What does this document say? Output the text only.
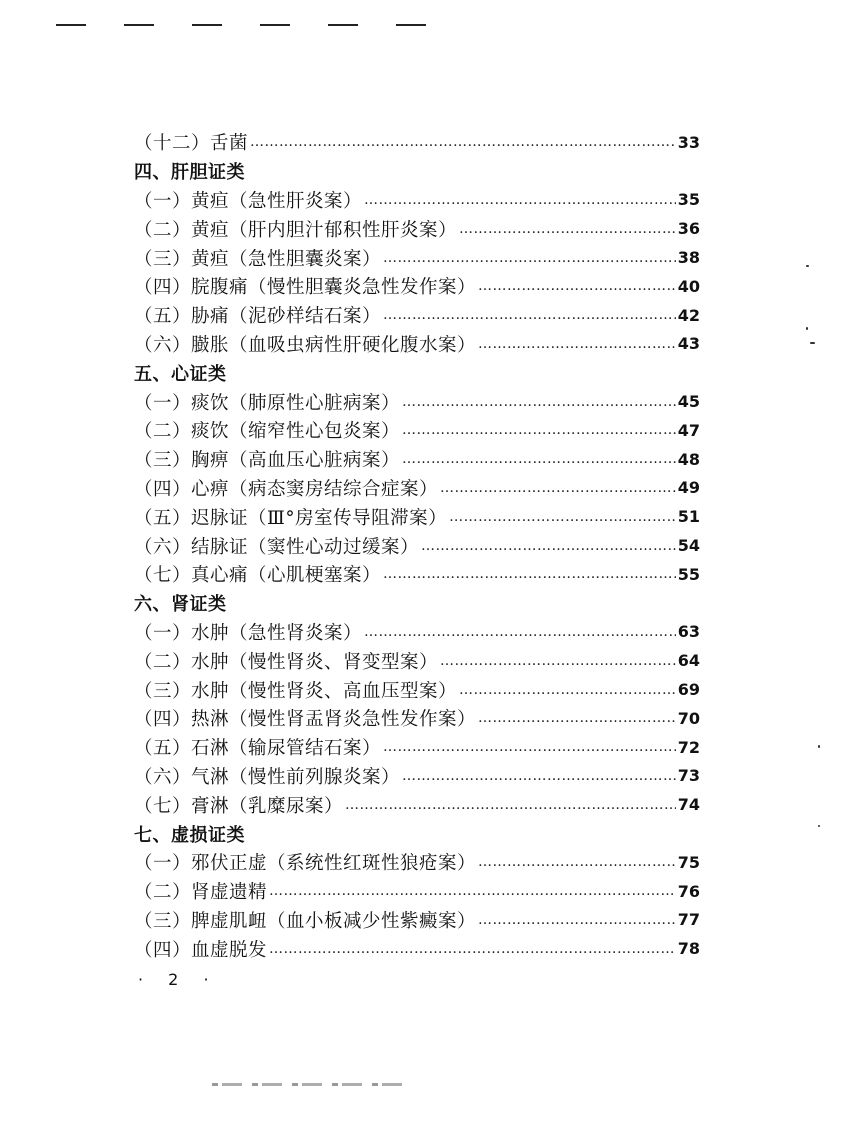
（十二）舌菌 ……………………………………………………………………………………………………………………	33
四、肝胆证类
（一）黄疸（急性肝炎案） ……………………………………………………………………………………………………………………	35
（二）黄疸（肝内胆汁郁积性肝炎案） ……………………………………………………………………………………………………………………	36
（三）黄疸（急性胆囊炎案） ……………………………………………………………………………………………………………………	38
（四）脘腹痛（慢性胆囊炎急性发作案） ……………………………………………………………………………………………………………………	40
（五）胁痛（泥砂样结石案） ……………………………………………………………………………………………………………………	42
（六）臌胀（血吸虫病性肝硬化腹水案） ……………………………………………………………………………………………………………………	43
五、心证类
（一）痰饮（肺原性心脏病案） ……………………………………………………………………………………………………………………	45
（二）痰饮（缩窄性心包炎案） ……………………………………………………………………………………………………………………	47
（三）胸痹（高血压心脏病案） ……………………………………………………………………………………………………………………	48
（四）心痹（病态窦房结综合症案） ……………………………………………………………………………………………………………………	49
（五）迟脉证（Ⅲ°房室传导阻滞案） ……………………………………………………………………………………………………………………	51
（六）结脉证（窦性心动过缓案） ……………………………………………………………………………………………………………………	54
（七）真心痛（心肌梗塞案） ……………………………………………………………………………………………………………………	55
六、肾证类
（一）水肿（急性肾炎案） ……………………………………………………………………………………………………………………	63
（二）水肿（慢性肾炎、肾变型案） ……………………………………………………………………………………………………………………	64
（三）水肿（慢性肾炎、高血压型案） ……………………………………………………………………………………………………………………	69
（四）热淋（慢性肾盂肾炎急性发作案） ……………………………………………………………………………………………………………………	70
（五）石淋（输尿管结石案） ……………………………………………………………………………………………………………………	72
（六）气淋（慢性前列腺炎案） ……………………………………………………………………………………………………………………	73
（七）膏淋（乳糜尿案） ……………………………………………………………………………………………………………………	74
七、虚损证类
（一）邪伏正虚（系统性红斑性狼疮案） ……………………………………………………………………………………………………………………	75
（二）肾虚遗精 ……………………………………………………………………………………………………………………	76
（三）脾虚肌衄（血小板减少性紫癜案） ……………………………………………………………………………………………………………………	77
（四）血虚脱发 ……………………………………………………………………………………………………………………	78
· 2 ·
